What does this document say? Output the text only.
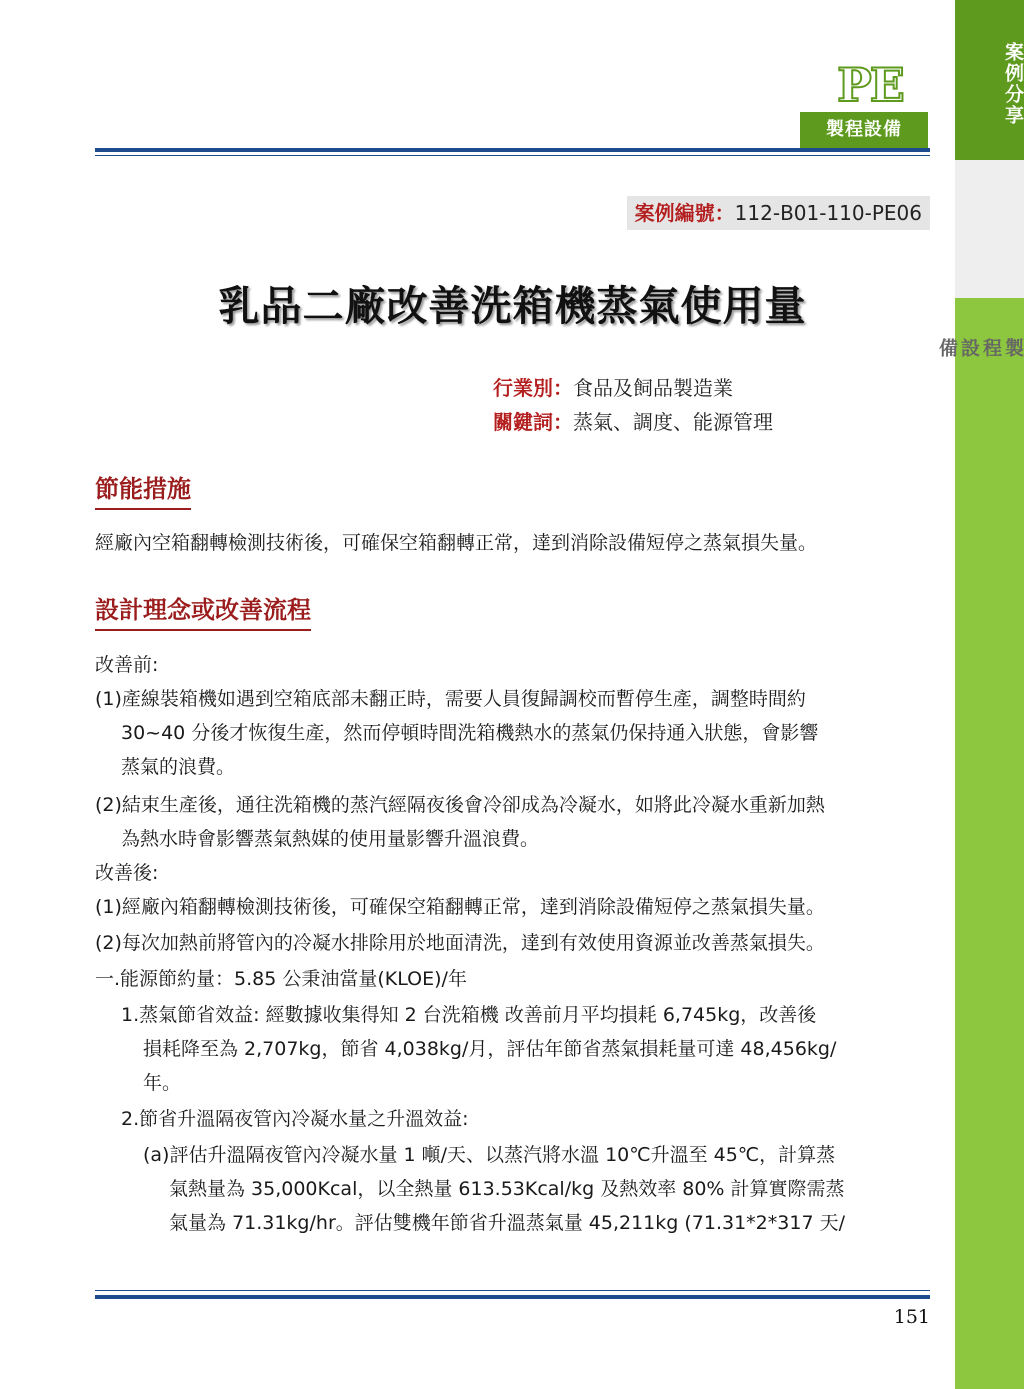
案例分享
製程設備
PE
製程設備
案例編號：112-B01-110-PE06
乳品二廠改善洗箱機蒸氣使用量
行業別：食品及飼品製造業
關鍵詞：蒸氣、調度、能源管理
節能措施
經廠內空箱翻轉檢測技術後，可確保空箱翻轉正常，達到消除設備短停之蒸氣損失量。
設計理念或改善流程
改善前:
(1)產線裝箱機如遇到空箱底部未翻正時，需要人員復歸調校而暫停生產，調整時間約
30~40 分後才恢復生產，然而停頓時間洗箱機熱水的蒸氣仍保持通入狀態，會影響
蒸氣的浪費。
(2)結束生產後，通往洗箱機的蒸汽經隔夜後會冷卻成為冷凝水，如將此冷凝水重新加熱
為熱水時會影響蒸氣熱媒的使用量影響升溫浪費。
改善後:
(1)經廠內箱翻轉檢測技術後，可確保空箱翻轉正常，達到消除設備短停之蒸氣損失量。
(2)每次加熱前將管內的冷凝水排除用於地面清洗，達到有效使用資源並改善蒸氣損失。
一.能源節約量：5.85 公秉油當量(KLOE)/年
1.蒸氣節省效益: 經數據收集得知 2 台洗箱機 改善前月平均損耗 6,745kg，改善後
損耗降至為 2,707kg，節省 4,038kg/月，評估年節省蒸氣損耗量可達 48,456kg/
年。
2.節省升溫隔夜管內冷凝水量之升溫效益:
(a)評估升溫隔夜管內冷凝水量 1 噸/天、以蒸汽將水溫 10℃升溫至 45℃，計算蒸
氣熱量為 35,000Kcal，以全熱量 613.53Kcal/kg 及熱效率 80% 計算實際需蒸
氣量為 71.31kg/hr。評估雙機年節省升溫蒸氣量 45,211kg (71.31*2*317 天/
151
